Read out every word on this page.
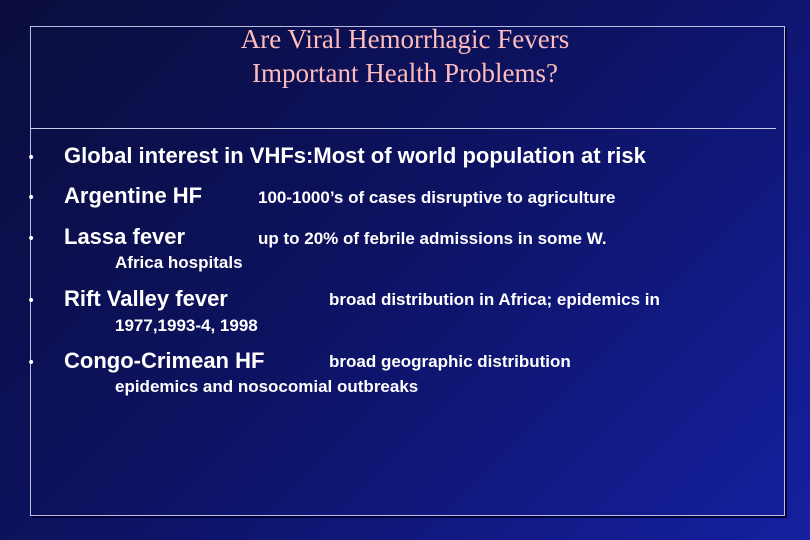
Are Viral Hemorrhagic Fevers
Important Health Problems?
• Global interest in VHFs:Most of world population at risk
• Argentine HF	100-1000’s of cases disruptive to agriculture
• Lassa fever	up to 20% of febrile admissions in some W.
Africa hospitals
• Rift Valley fever	broad distribution in Africa; epidemics in
1977,1993-4, 1998
• Congo-Crimean HF	broad geographic distribution
epidemics and nosocomial outbreaks
